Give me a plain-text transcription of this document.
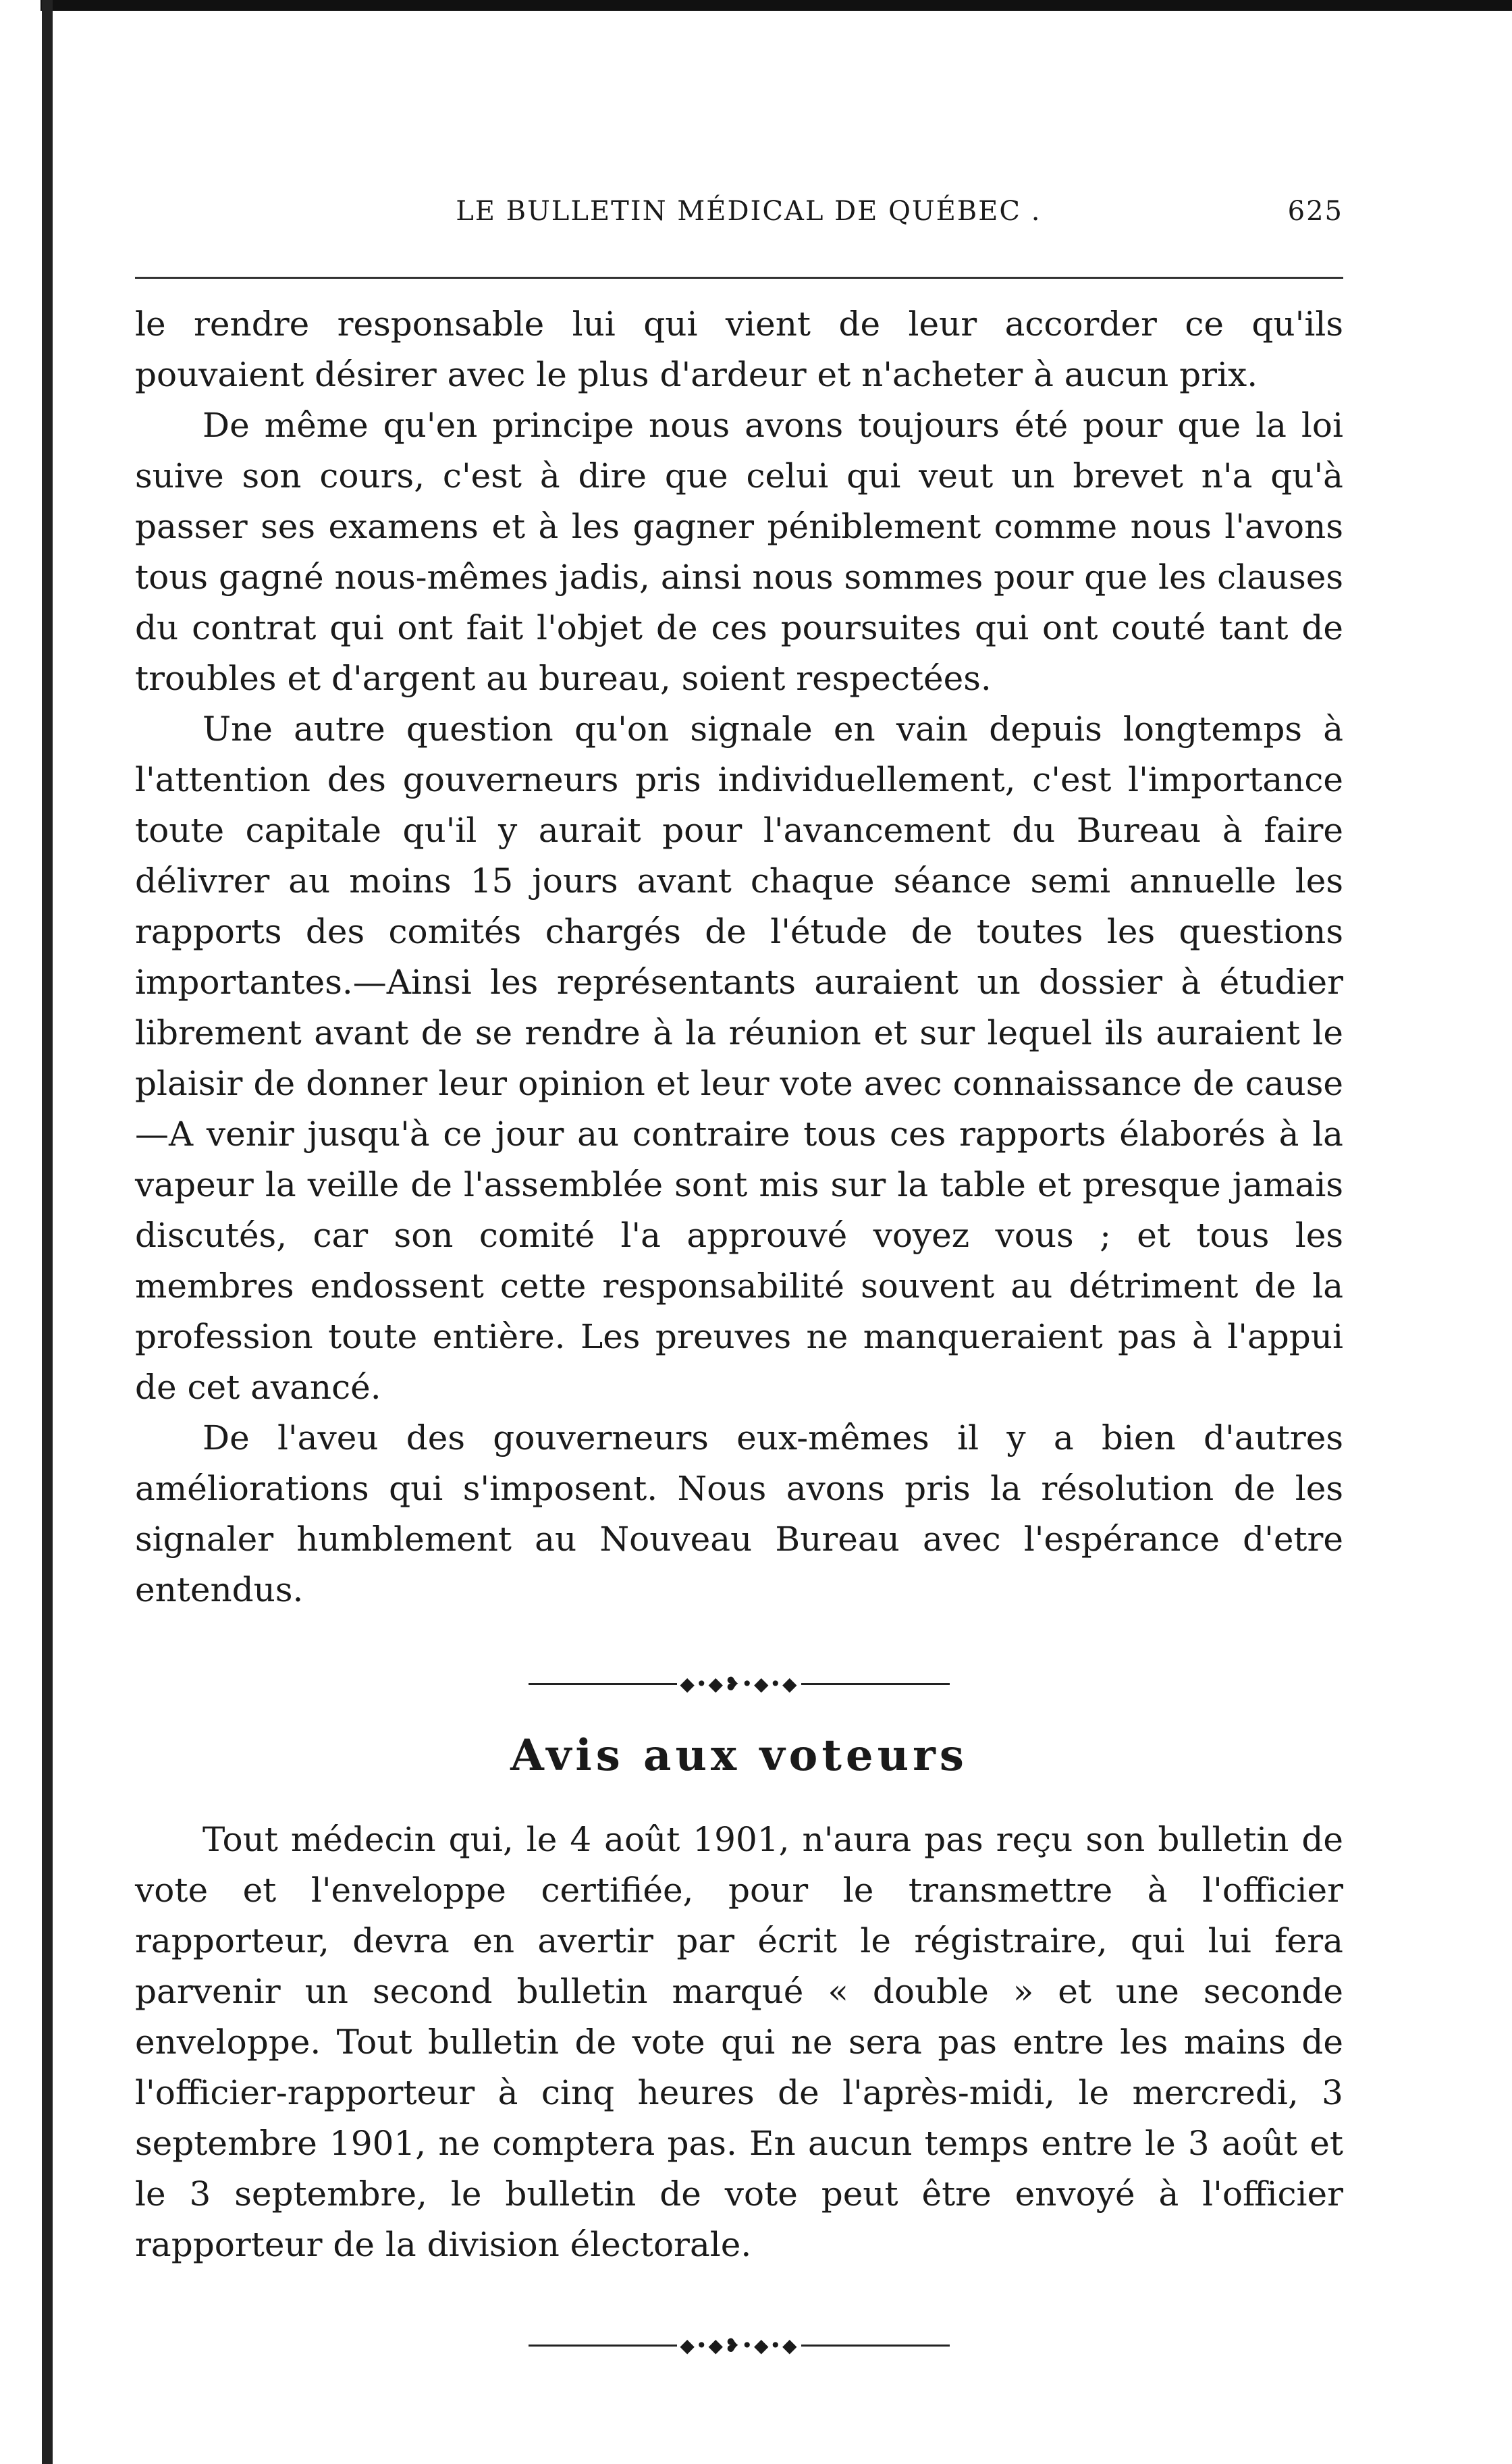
LE BULLETIN MÉDICAL DE QUÉBEC .	625

le rendre responsable lui qui vient de leur accorder ce qu'ils pouvaient désirer avec le plus d'ardeur et n'acheter à aucun prix.

De même qu'en principe nous avons toujours été pour que la loi suive son cours, c'est à dire que celui qui veut un brevet n'a qu'à passer ses examens et à les gagner péniblement comme nous l'avons tous gagné nous-mêmes jadis, ainsi nous sommes pour que les clauses du contrat qui ont fait l'objet de ces poursuites qui ont couté tant de troubles et d'argent au bureau, soient respectées.

Une autre question qu'on signale en vain depuis longtemps à l'attention des gouverneurs pris individuellement, c'est l'importance toute capitale qu'il y aurait pour l'avancement du Bureau à faire délivrer au moins 15 jours avant chaque séance semi annuelle les rapports des comités chargés de l'étude de toutes les questions importantes.—Ainsi les représentants auraient un dossier à étudier librement avant de se rendre à la réunion et sur lequel ils auraient le plaisir de donner leur opinion et leur vote avec connaissance de cause—A venir jusqu'à ce jour au contraire tous ces rapports élaborés à la vapeur la veille de l'assemblée sont mis sur la table et presque jamais discutés, car son comité l'a approuvé voyez vous ; et tous les membres endossent cette responsabilité souvent au détriment de la profession toute entière. Les preuves ne manqueraient pas à l'appui de cet avancé.

De l'aveu des gouverneurs eux-mêmes il y a bien d'autres améliorations qui s'imposent. Nous avons pris la résolution de les signaler humblement au Nouveau Bureau avec l'espérance d'etre entendus.

◆•◆❥•◆•◆
Avis aux voteurs

Tout médecin qui, le 4 août 1901, n'aura pas reçu son bulletin de vote et l'enveloppe certifiée, pour le transmettre à l'officier rapporteur, devra en avertir par écrit le régistraire, qui lui fera parvenir un second bulletin marqué « double » et une seconde enveloppe. Tout bulletin de vote qui ne sera pas entre les mains de l'officier-rapporteur à cinq heures de l'après-midi, le mercredi, 3 septembre 1901, ne comptera pas. En aucun temps entre le 3 août et le 3 septembre, le bulletin de vote peut être envoyé à l'officier rapporteur de la division électorale.

◆•◆❥•◆•◆
